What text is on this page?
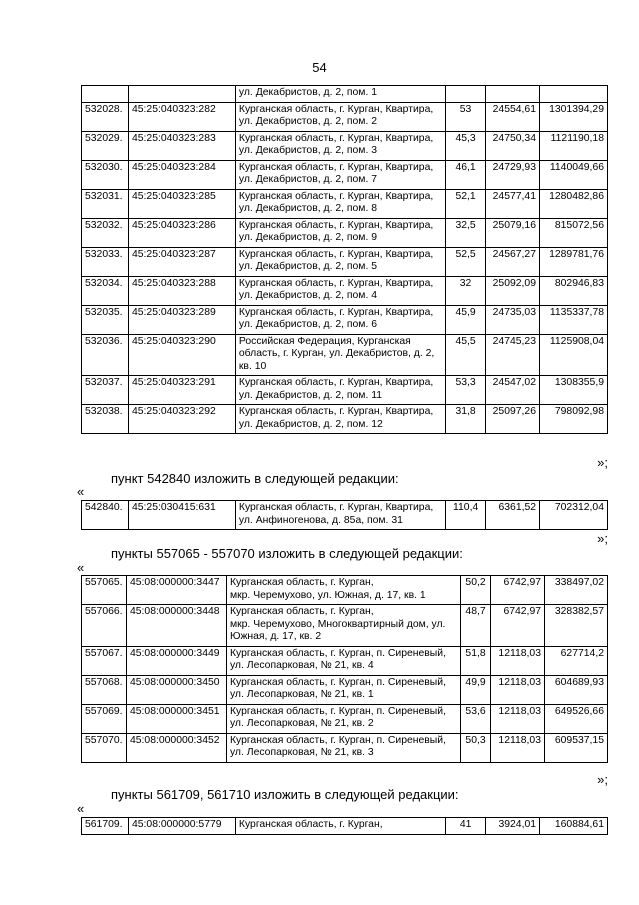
54
		ул. Декабристов, д. 2, пом. 1			
532028.	45:25:040323:282	Курганская область, г. Курган, Квартира, ул. Декабристов, д. 2, пом. 2	53	24554,61	1301394,29
532029.	45:25:040323:283	Курганская область, г. Курган, Квартира, ул. Декабристов, д. 2, пом. 3	45,3	24750,34	1121190,18
532030.	45:25:040323:284	Курганская область, г. Курган, Квартира, ул. Декабристов, д. 2, пом. 7	46,1	24729,93	1140049,66
532031.	45:25:040323:285	Курганская область, г. Курган, Квартира, ул. Декабристов, д. 2, пом. 8	52,1	24577,41	1280482,86
532032.	45:25:040323:286	Курганская область, г. Курган, Квартира, ул. Декабристов, д. 2, пом. 9	32,5	25079,16	815072,56
532033.	45:25:040323:287	Курганская область, г. Курган, Квартира, ул. Декабристов, д. 2, пом. 5	52,5	24567,27	1289781,76
532034.	45:25:040323:288	Курганская область, г. Курган, Квартира, ул. Декабристов, д. 2, пом. 4	32	25092,09	802946,83
532035.	45:25:040323:289	Курганская область, г. Курган, Квартира, ул. Декабристов, д. 2, пом. 6	45,9	24735,03	1135337,78
532036.	45:25:040323:290	Российская Федерация, Курганская область, г. Курган, ул. Декабристов, д. 2, кв. 10	45,5	24745,23	1125908,04
532037.	45:25:040323:291	Курганская область, г. Курган, Квартира, ул. Декабристов, д. 2, пом. 11	53,3	24547,02	1308355,9
532038.	45:25:040323:292	Курганская область, г. Курган, Квартира, ул. Декабристов, д. 2, пом. 12	31,8	25097,26	798092,98
»;
пункт 542840 изложить в следующей редакции:
«
542840.	45:25:030415:631	Курганская область, г. Курган, Квартира, ул. Анфиногенова, д. 85а, пом. 31	110,4	6361,52	702312,04
»;
пункты 557065 - 557070 изложить в следующей редакции:
«
557065.	45:08:000000:3447	Курганская область, г. Курган,
мкр. Черемухово, ул. Южная, д. 17, кв. 1	50,2	6742,97	338497,02
557066.	45:08:000000:3448	Курганская область, г. Курган,
мкр. Черемухово, Многоквартирный дом, ул. Южная, д. 17, кв. 2	48,7	6742,97	328382,57
557067.	45:08:000000:3449	Курганская область, г. Курган, п. Сиреневый, ул. Лесопарковая, № 21, кв. 4	51,8	12118,03	627714,2
557068.	45:08:000000:3450	Курганская область, г. Курган, п. Сиреневый, ул. Лесопарковая, № 21, кв. 1	49,9	12118,03	604689,93
557069.	45:08:000000:3451	Курганская область, г. Курган, п. Сиреневый, ул. Лесопарковая, № 21, кв. 2	53,6	12118,03	649526,66
557070.	45:08:000000:3452	Курганская область, г. Курган, п. Сиреневый, ул. Лесопарковая, № 21, кв. 3	50,3	12118,03	609537,15
»;
пункты 561709, 561710 изложить в следующей редакции:
«
561709.	45:08:000000:5779	Курганская область, г. Курган,	41	3924,01	160884,61
